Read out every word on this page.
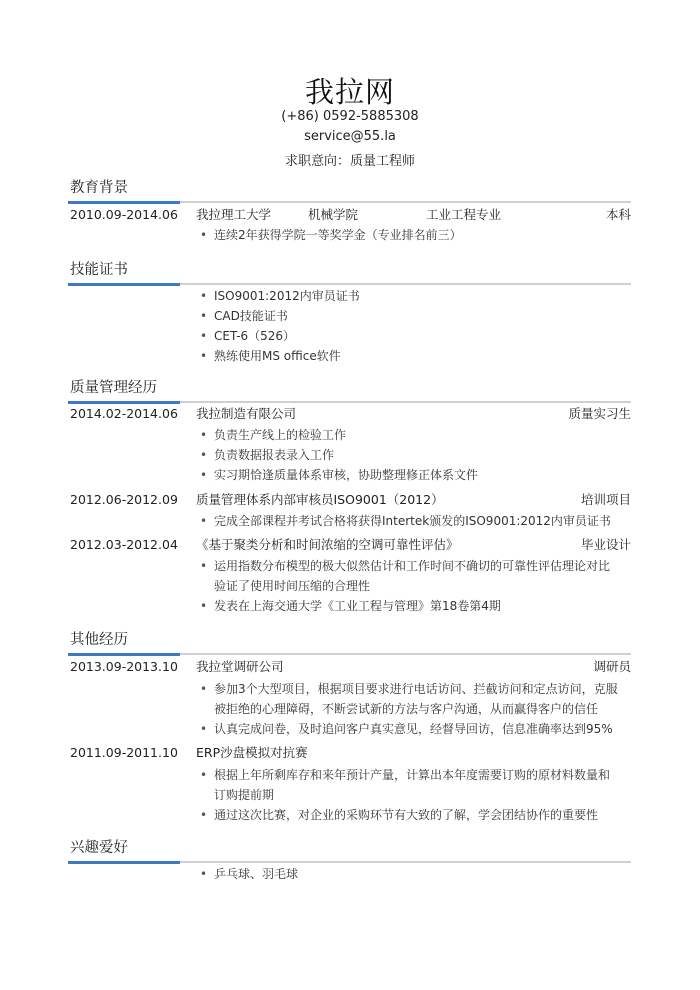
我拉网
(+86) 0592-5885308
service@55.la
求职意向：质量工程师
教育背景
2010.09-2014.06 我拉理工大学	机械学院	工业工程专业	本科
• 连续2年获得学院一等奖学金（专业排名前三）
技能证书
• ISO9001:2012内审员证书
• CAD技能证书
• CET-6（526）
• 熟练使用MS office软件
质量管理经历
2014.02-2014.06 我拉制造有限公司	质量实习生
• 负责生产线上的检验工作
• 负责数据报表录入工作
• 实习期恰逢质量体系审核，协助整理修正体系文件
2012.06-2012.09 质量管理体系内部审核员ISO9001（2012）	培训项目
• 完成全部课程并考试合格将获得Intertek颁发的ISO9001:2012内审员证书
2012.03-2012.04 《基于聚类分析和时间浓缩的空调可靠性评估》	毕业设计
• 运用指数分布模型的极大似然估计和工作时间不确切的可靠性评估理论对比
验证了使用时间压缩的合理性
• 发表在上海交通大学《工业工程与管理》第18卷第4期
其他经历
2013.09-2013.10 我拉堂调研公司	调研员
• 参加3个大型项目，根据项目要求进行电话访问、拦截访问和定点访问，克服
被拒绝的心理障碍，不断尝试新的方法与客户沟通，从而赢得客户的信任
• 认真完成问卷，及时追问客户真实意见，经督导回访，信息准确率达到95%
2011.09-2011.10 ERP沙盘模拟对抗赛
• 根据上年所剩库存和来年预计产量，计算出本年度需要订购的原材料数量和
订购提前期
• 通过这次比赛，对企业的采购环节有大致的了解，学会团结协作的重要性
兴趣爱好
• 乒乓球、羽毛球
